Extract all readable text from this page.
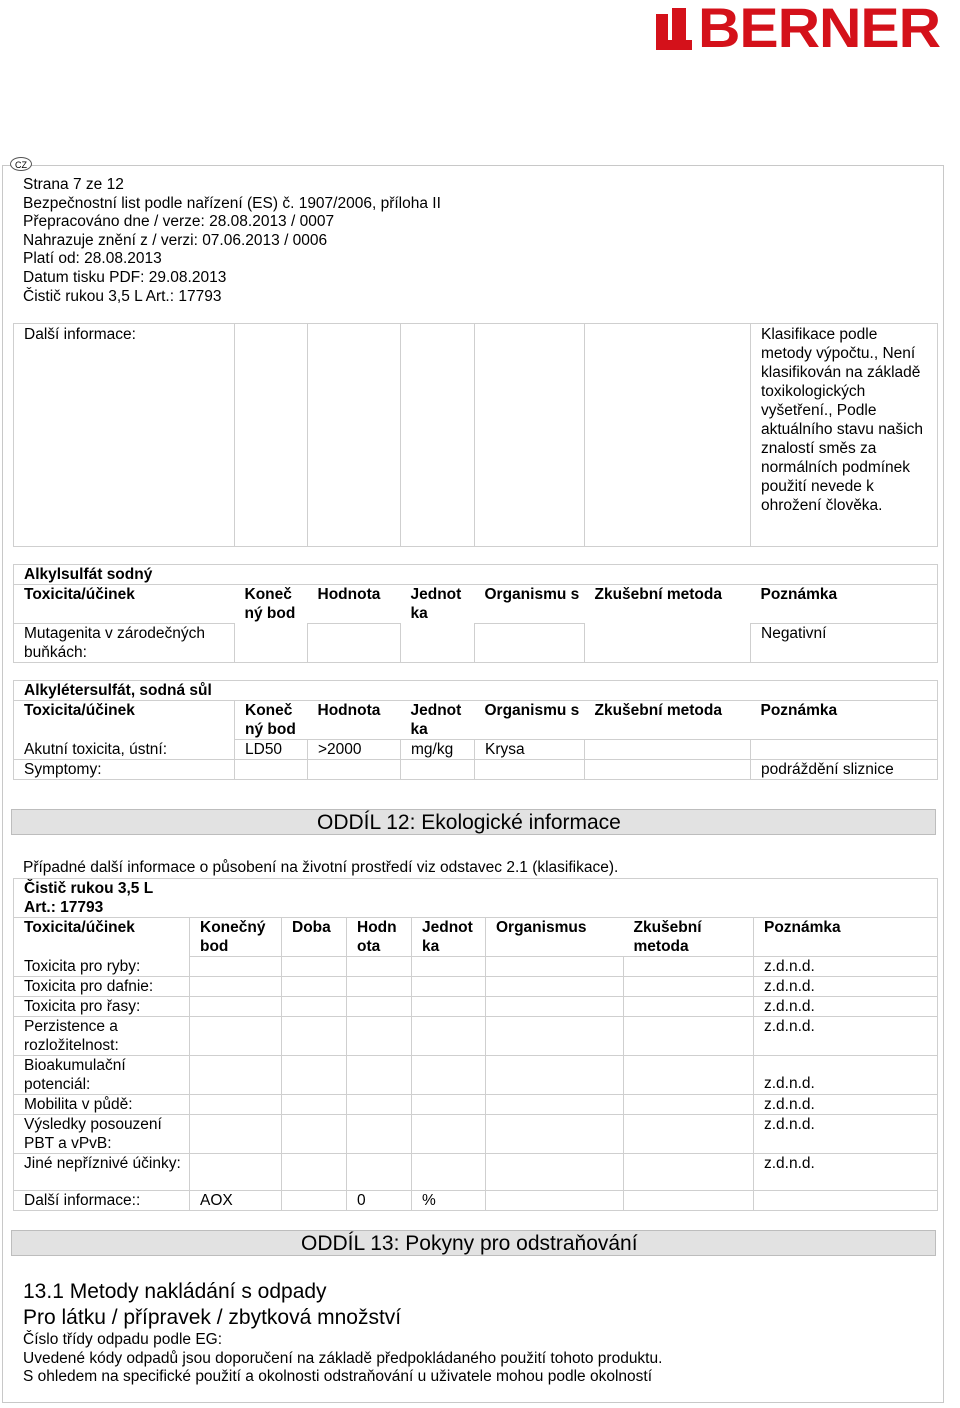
BERNER
CZ
Strana 7 ze 12
Bezpečnostní list podle nařízení (ES) č. 1907/2006, příloha II
Přepracováno dne / verze: 28.08.2013 / 0007
Nahrazuje znění z / verzi: 07.06.2013 / 0006
Platí od: 28.08.2013
Datum tisku PDF: 29.08.2013
Čistič rukou 3,5 L Art.: 17793
Další informace:						Klasifikace podle metody výpočtu., Není klasifikován na základě toxikologických vyšetření., Podle aktuálního stavu našich znalostí směs za normálních podmínek použití nevede k ohrožení člověka.
Alkylsulfát sodný						
Toxicita/účinek	Koneč ný bod	Hodnota	Jednot ka	Organismu s	Zkušební metoda	Poznámka
Mutagenita v zárodečných buňkách:						Negativní
Alkylétersulfát, sodná sůl						
Toxicita/účinek	Koneč ný bod	Hodnota	Jednot ka	Organismu s	Zkušební metoda	Poznámka
Akutní toxicita, ústní:	LD50	>2000	mg/kg	Krysa		
Symptomy:						podráždění sliznice
ODDÍL 12: Ekologické informace
Případné další informace o působení na životní prostředí viz odstavec 2.1 (klasifikace).
Čistič rukou 3,5 L							
Art.: 17793							
Toxicita/účinek	Konečný bod	Doba	Hodn ota	Jednot ka	Organismus	Zkušební metoda	Poznámka
Toxicita pro ryby:							z.d.n.d.
Toxicita pro dafnie:							z.d.n.d.
Toxicita pro řasy:							z.d.n.d.
Perzistence a rozložitelnost:							z.d.n.d.
Bioakumulační potenciál:							z.d.n.d.
Mobilita v půdě:							z.d.n.d.
Výsledky posouzení PBT a vPvB:							z.d.n.d.
Jiné nepříznivé účinky:							z.d.n.d.
Další informace::	AOX		0	%			
ODDÍL 13: Pokyny pro odstraňování
13.1 Metody nakládání s odpady
Pro látku / přípravek / zbytková množství
Číslo třídy odpadu podle EG:
Uvedené kódy odpadů jsou doporučení na základě předpokládaného použití tohoto produktu.
S ohledem na specifické použití a okolnosti odstraňování u uživatele mohou podle okolností
